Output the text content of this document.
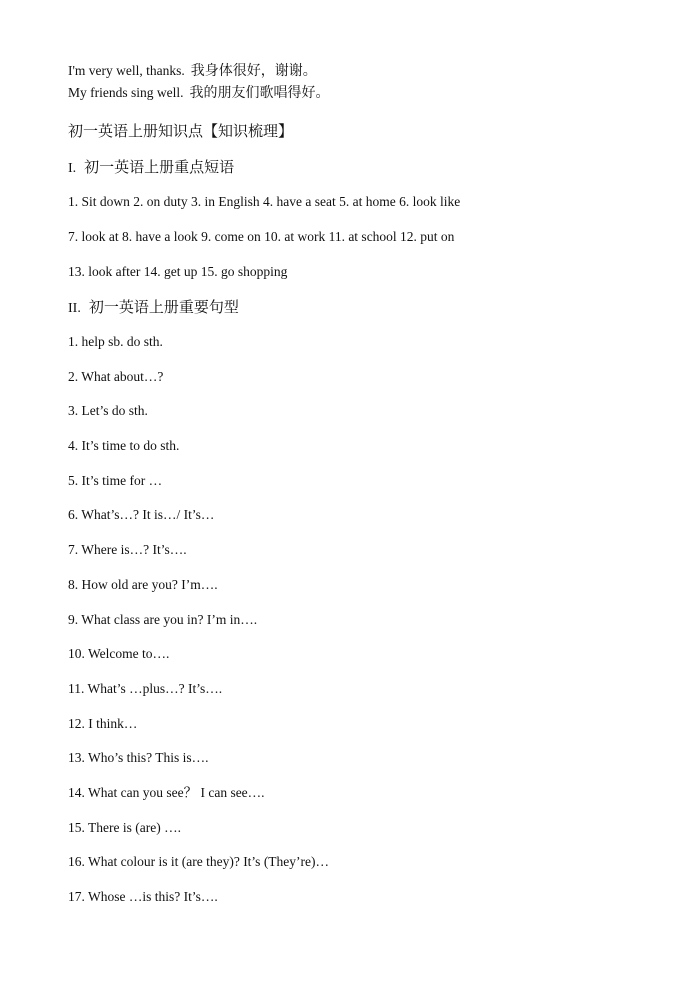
I'm very well, thanks. 我身体很好，谢谢。
My friends sing well. 我的朋友们歌唱得好。
初一英语上册知识点【知识梳理】
I. 初一英语上册重点短语
1. Sit down 2. on duty 3. in English 4. have a seat 5. at home 6. look like
7. look at 8. have a look 9. come on 10. at work 11. at school 12. put on
13. look after 14. get up 15. go shopping
II. 初一英语上册重要句型
1. help sb. do sth.
2. What about…?
3. Let’s do sth.
4. It’s time to do sth.
5. It’s time for …
6. What’s…? It is…/ It’s…
7. Where is…? It’s….
8. How old are you? I’m….
9. What class are you in? I’m in….
10. Welcome to….
11. What’s …plus…? It’s….
12. I think…
13. Who’s this? This is….
14. What can you see？ I can see….
15. There is (are) ….
16. What colour is it (are they)? It’s (They’re)…
17. Whose …is this? It’s….
